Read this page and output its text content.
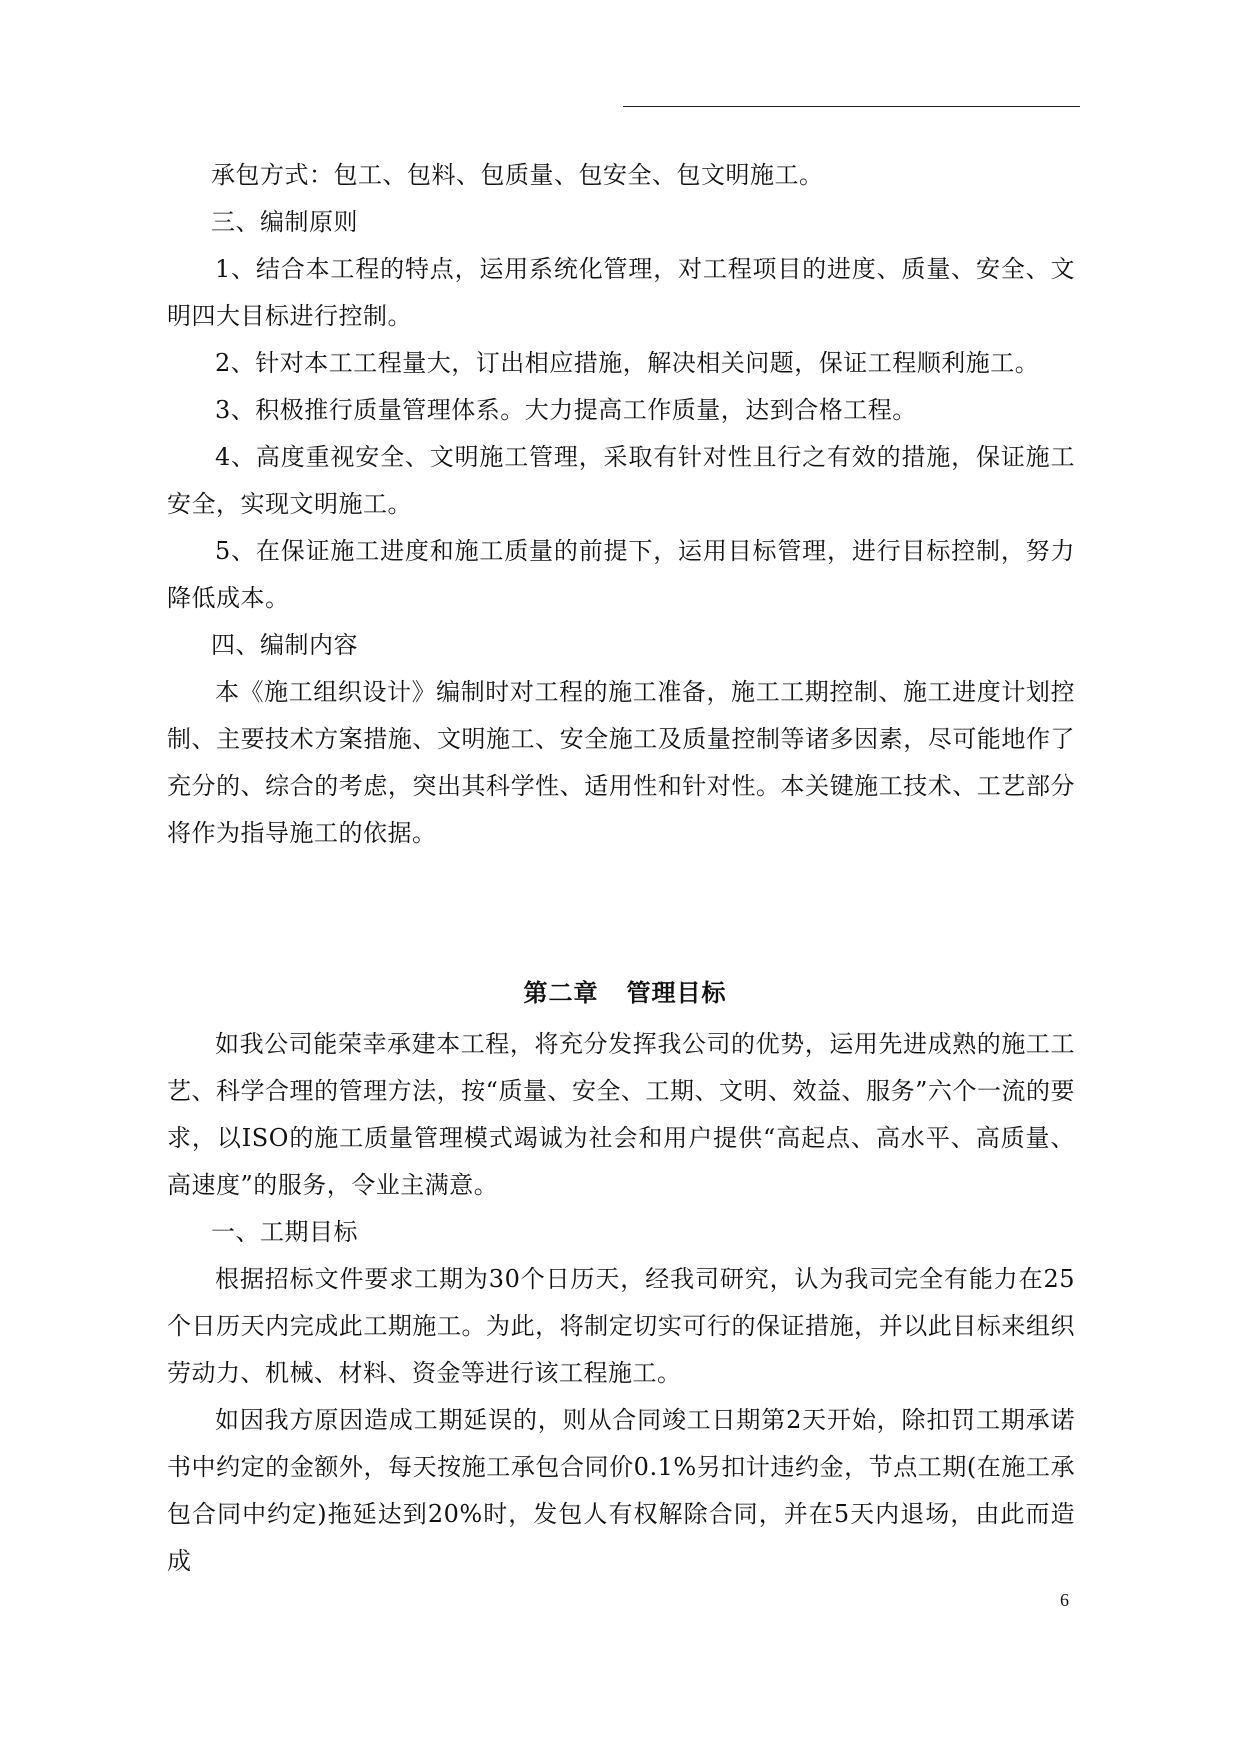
承包方式：包工、包料、包质量、包安全、包文明施工。

三、编制原则

1、结合本工程的特点，运用系统化管理，对工程项目的进度、质量、安全、文明四大目标进行控制。

2、针对本工工程量大，订出相应措施，解决相关问题，保证工程顺利施工。

3、积极推行质量管理体系。大力提高工作质量，达到合格工程。

4、高度重视安全、文明施工管理，采取有针对性且行之有效的措施，保证施工安全，实现文明施工。

5、在保证施工进度和施工质量的前提下，运用目标管理，进行目标控制，努力降低成本。

四、编制内容

本《施工组织设计》编制时对工程的施工准备，施工工期控制、施工进度计划控制、主要技术方案措施、文明施工、安全施工及质量控制等诸多因素，尽可能地作了充分的、综合的考虑，突出其科学性、适用性和针对性。本关键施工技术、工艺部分将作为指导施工的依据。

第二章 管理目标

如我公司能荣幸承建本工程，将充分发挥我公司的优势，运用先进成熟的施工工艺、科学合理的管理方法，按“质量、安全、工期、文明、效益、服务”六个一流的要求，以ISO的施工质量管理模式竭诚为社会和用户提供“高起点、高水平、高质量、高速度”的服务，令业主满意。

一、工期目标

根据招标文件要求工期为30个日历天，经我司研究，认为我司完全有能力在25个日历天内完成此工期施工。为此，将制定切实可行的保证措施，并以此目标来组织劳动力、机械、材料、资金等进行该工程施工。

如因我方原因造成工期延误的，则从合同竣工日期第2天开始，除扣罚工期承诺书中约定的金额外，每天按施工承包合同价0.1%另扣计违约金，节点工期(在施工承包合同中约定)拖延达到20%时，发包人有权解除合同，并在5天内退场，由此而造成

6
